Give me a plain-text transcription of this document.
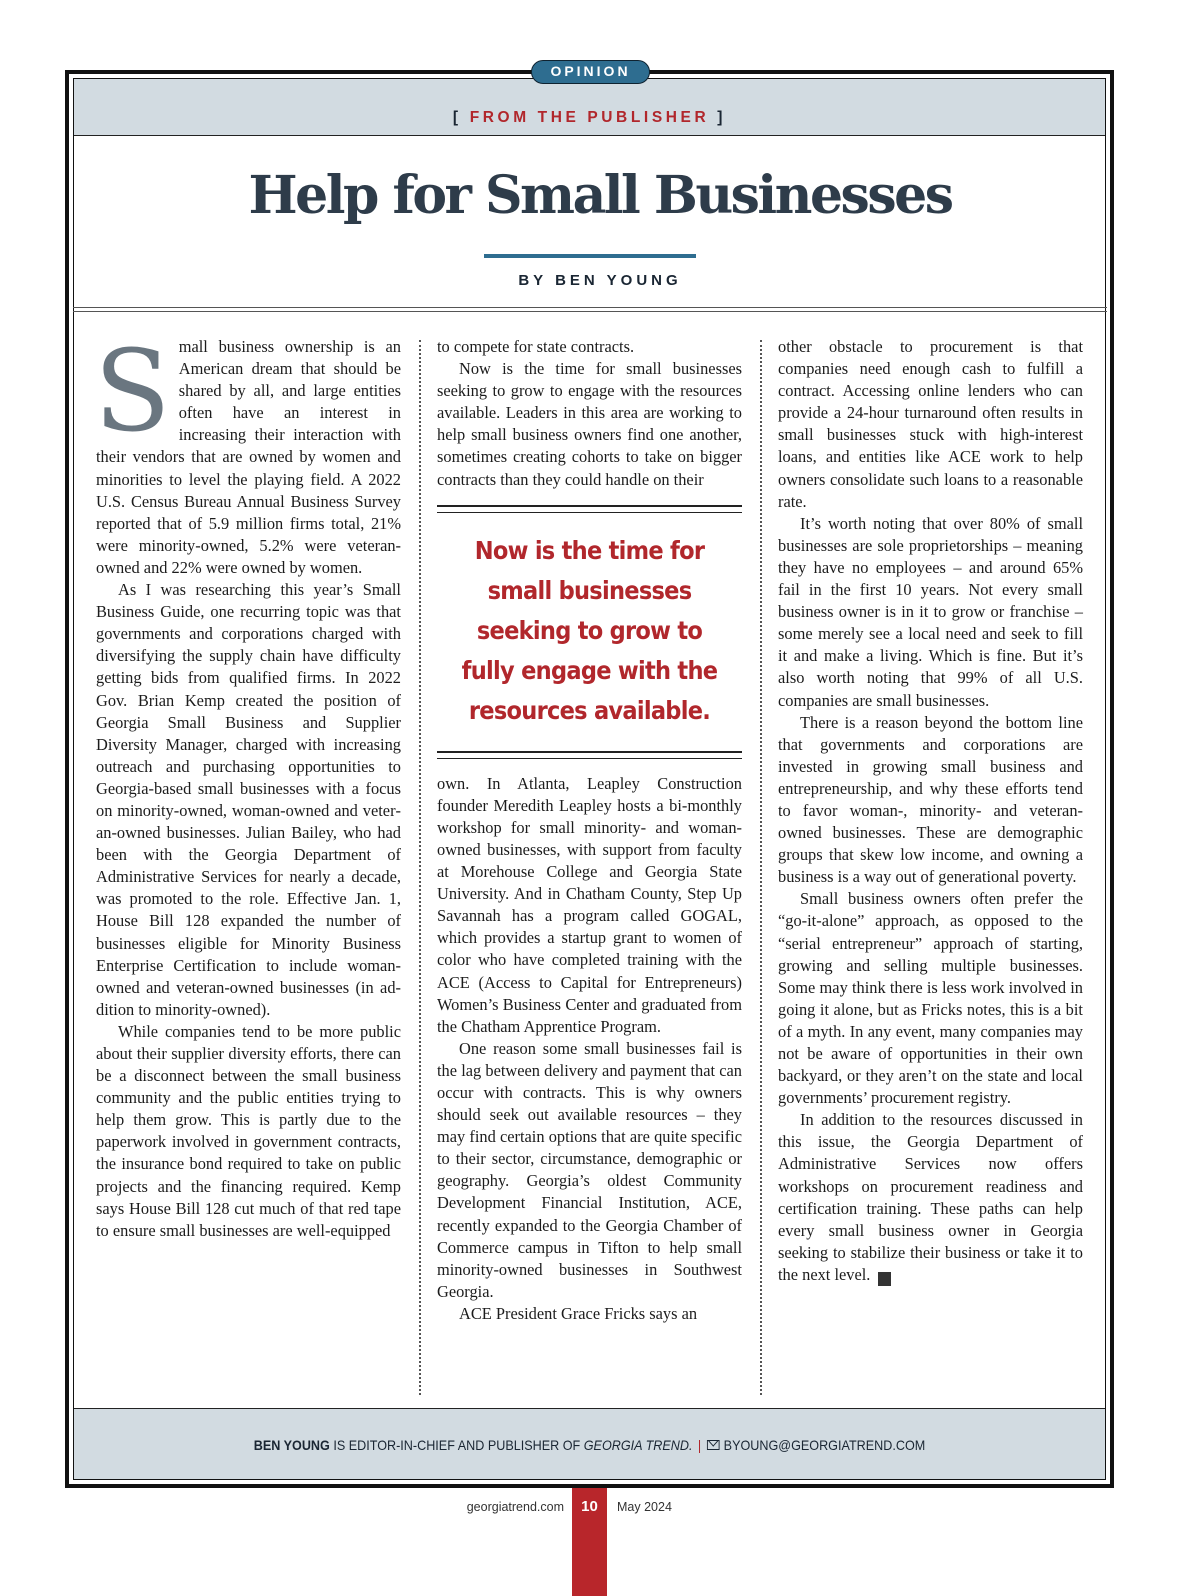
[ FROM THE PUBLISHER ]
BEN YOUNG IS EDITOR-IN-CHIEF AND PUBLISHER OF GEORGIA TREND. | BYOUNG@GEORGIATREND.COM
OPINION
Help for Small Businesses
BY BEN YOUNG

Small business ownership is an American dream that should be shared by all, and large entities often have an interest in increasing their interaction with their vendors that are owned by women and minorities to level the playing field. A 2022 U.S. Census Bureau Annual Business Survey reported that of 5.9 million firms total, 21% were minority-owned, 5.2% were veteran-owned and 22% were owned by women.

As I was researching this year’s Small Business Guide, one recurring topic was that governments and corporations charged with diversifying the supply chain have difficulty getting bids from qualified firms. In 2022 Gov. Brian Kemp created the position of Georgia Small Business and Supplier Diversity Manager, charged with increasing outreach and purchasing opportunities to Georgia-based small businesses with a focus on minority-owned, woman-owned and veteran-owned businesses. Julian Bailey, who had been with the Georgia Department of Administrative Services for nearly a decade, was promoted to the role. Effective Jan. 1, House Bill 128 expanded the number of businesses eligible for Minority Business Enterprise Certification to include woman-owned and veteran-owned businesses (in addition to minority-owned).

While companies tend to be more public about their supplier diversity efforts, there can be a disconnect between the small business community and the public entities trying to help them grow. This is partly due to the paperwork involved in government contracts, the insurance bond required to take on public projects and the financing required. Kemp says House Bill 128 cut much of that red tape to ensure small businesses are well-equipped

to compete for state contracts.

Now is the time for small businesses seeking to grow to engage with the resources available. Leaders in this area are working to help small business owners find one another, sometimes creating cohorts to take on bigger contracts than they could handle on their

Now is the time for small businesses seeking to grow to fully engage with the resources available.

own. In Atlanta, Leapley Construction founder Meredith Leapley hosts a bi-monthly workshop for small minority- and woman-owned businesses, with support from faculty at Morehouse College and Georgia State University. And in Chatham County, Step Up Savannah has a program called GOGAL, which provides a startup grant to women of color who have completed training with the ACE (Access to Capital for Entrepreneurs) Women’s Business Center and graduated from the Chatham Apprentice Program.

One reason some small businesses fail is the lag between delivery and payment that can occur with contracts. This is why owners should seek out available resources – they may find certain options that are quite specific to their sector, circumstance, demographic or geography. Georgia’s oldest Community Development Financial Institution, ACE, recently expanded to the Georgia Chamber of Commerce campus in Tifton to help small minority-owned businesses in Southwest Georgia.

ACE President Grace Fricks says an

other obstacle to procurement is that companies need enough cash to fulfill a contract. Accessing online lenders who can provide a 24-hour turnaround often results in small businesses stuck with high-interest loans, and entities like ACE work to help owners consolidate such loans to a reasonable rate.

It’s worth noting that over 80% of small businesses are sole proprietorships – meaning they have no employees – and around 65% fail in the first 10 years. Not every small business owner is in it to grow or franchise – some merely see a local need and seek to fill it and make a living. Which is fine. But it’s also worth noting that 99% of all U.S. companies are small businesses.

There is a reason beyond the bottom line that governments and corporations are invested in growing small business and entrepreneurship, and why these efforts tend to favor woman-, minority- and veteran-owned businesses. These are demographic groups that skew low income, and owning a business is a way out of generational poverty.

Small business owners often prefer the “go-it-alone” approach, as opposed to the “serial entrepreneur” approach of starting, growing and selling multiple businesses. Some may think there is less work involved in going it alone, but as Fricks notes, this is a bit of a myth. In any event, many companies may not be aware of opportunities in their own backyard, or they aren’t on the state and local governments’ procurement registry.

In addition to the resources discussed in this issue, the Georgia Department of Administrative Services now offers workshops on procurement readiness and certification training. These paths can help every small business owner in Georgia seeking to stabilize their business or take it to the next level.	GT

georgiatrend.com	10	May 2024
